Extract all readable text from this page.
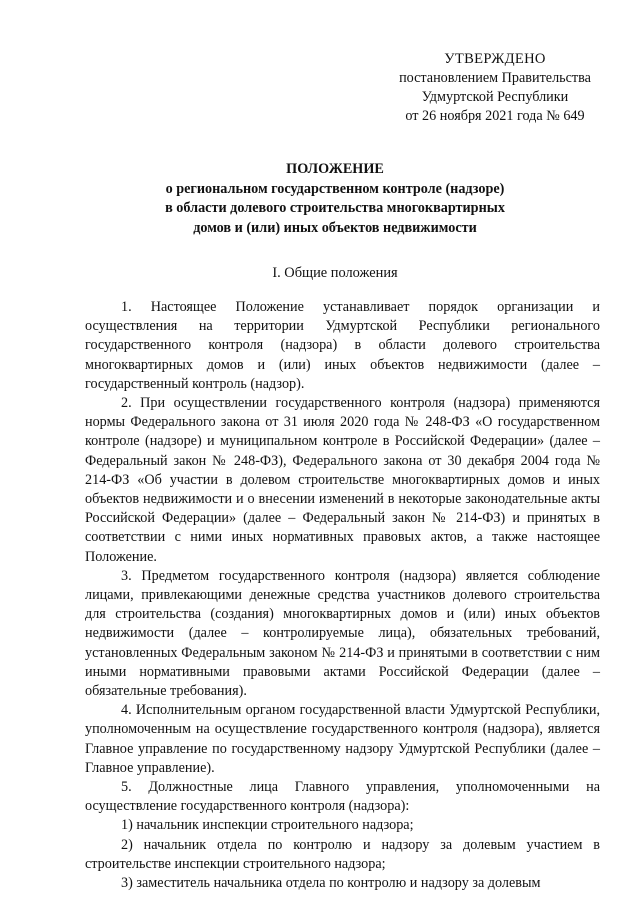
УТВЕРЖДЕНО
постановлением Правительства
Удмуртской Республики
от 26 ноября 2021 года № 649
ПОЛОЖЕНИЕ
о региональном государственном контроле (надзоре)
в области долевого строительства многоквартирных
домов и (или) иных объектов недвижимости
I. Общие положения

1. Настоящее Положение устанавливает порядок организации и осуществления на территории Удмуртской Республики регионального государственного контроля (надзора) в области долевого строительства многоквартирных домов и (или) иных объектов недвижимости (далее – государственный контроль (надзор).

2. При осуществлении государственного контроля (надзора) применяются нормы Федерального закона от 31 июля 2020 года № 248-ФЗ «О государственном контроле (надзоре) и муниципальном контроле в Российской Федерации» (далее – Федеральный закон № 248-ФЗ), Федерального закона от 30 декабря 2004 года № 214-ФЗ «Об участии в долевом строительстве многоквартирных домов и иных объектов недвижимости и о внесении изменений в некоторые законодательные акты Российской Федерации» (далее – Федеральный закон № 214-ФЗ) и принятых в соответствии с ними иных нормативных правовых актов, а также настоящее Положение.

3. Предметом государственного контроля (надзора) является соблюдение лицами, привлекающими денежные средства участников долевого строительства для строительства (создания) многоквартирных домов и (или) иных объектов недвижимости (далее – контролируемые лица), обязательных требований, установленных Федеральным законом № 214-ФЗ и принятыми в соответствии с ним иными нормативными правовыми актами Российской Федерации (далее – обязательные требования).

4. Исполнительным органом государственной власти Удмуртской Республики, уполномоченным на осуществление государственного контроля (надзора), является Главное управление по государственному надзору Удмуртской Республики (далее – Главное управление).

5. Должностные лица Главного управления, уполномоченными на осуществление государственного контроля (надзора):

1) начальник инспекции строительного надзора;

2) начальник отдела по контролю и надзору за долевым участием в строительстве инспекции строительного надзора;

3) заместитель начальника отдела по контролю и надзору за долевым
